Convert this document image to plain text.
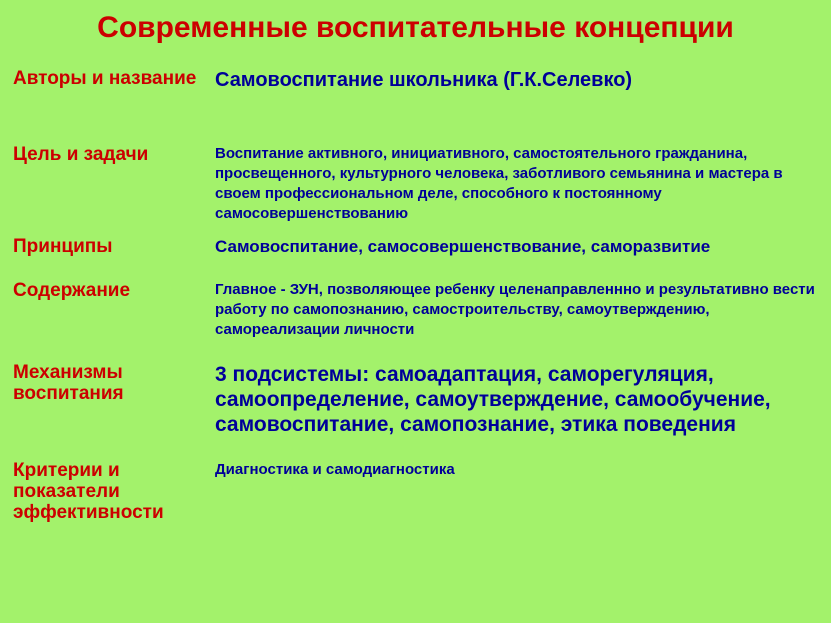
Современные воспитательные концепции
Авторы и название	Самовоспитание школьника (Г.К.Селевко)
Цель и задачи	Воспитание активного, инициативного, самостоятельного гражданина, просвещенного, культурного человека, заботливого семьянина и мастера в своем профессиональном деле, способного к постоянному самосовершенствованию
Принципы	Самовоспитание, самосовершенствование, саморазвитие
Содержание	Главное - ЗУН, позволяющее ребенку целенаправленнно и результативно вести работу по самопознанию, самостроительству, самоутверждению, самореализации личности
Механизмы воспитания	3 подсистемы: самоадаптация, саморегуляция, самоопределение, самоутверждение, самообучение, самовоспитание, самопознание, этика поведения
Критерии и показатели эффективности	Диагностика и самодиагностика
